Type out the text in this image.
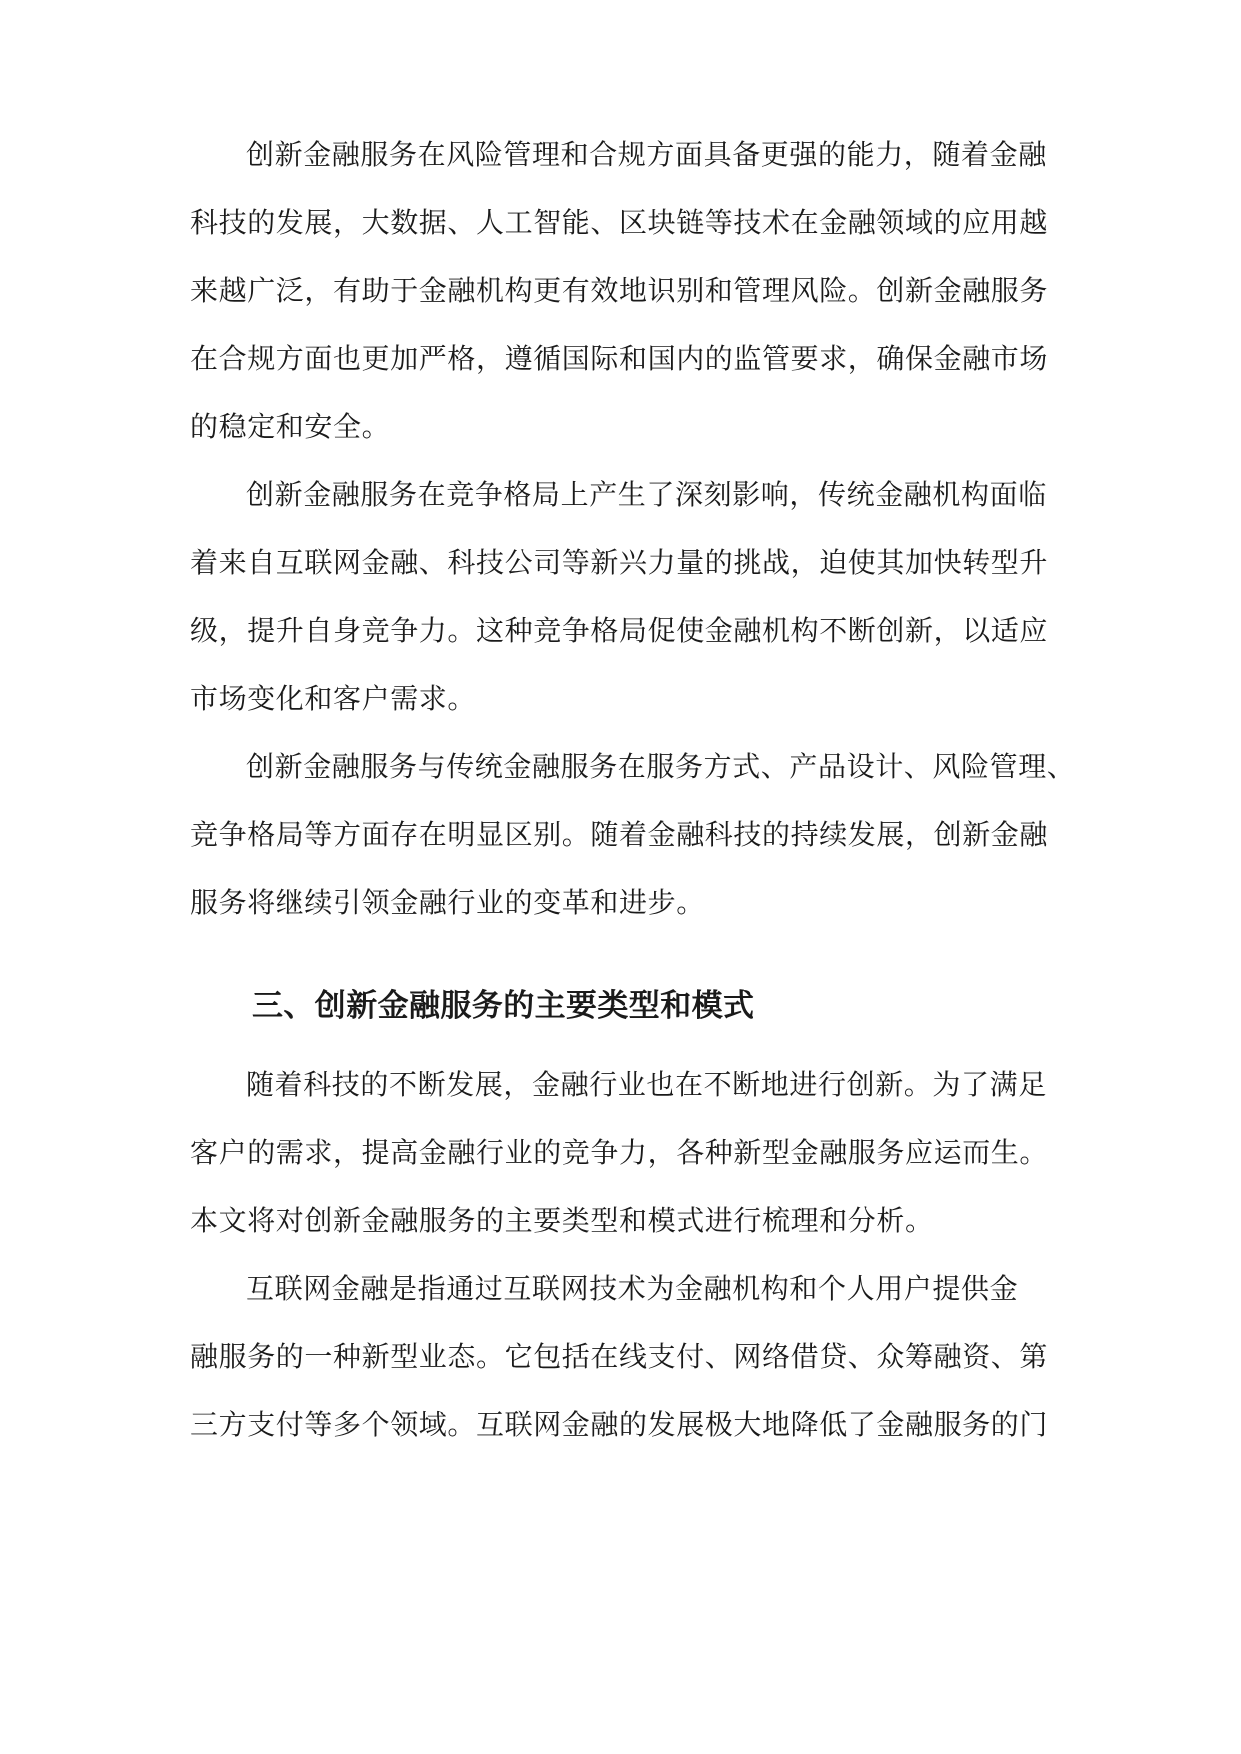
创新金融服务在风险管理和合规方面具备更强的能力，随着金融
科技的发展，大数据、人工智能、区块链等技术在金融领域的应用越
来越广泛，有助于金融机构更有效地识别和管理风险。创新金融服务
在合规方面也更加严格，遵循国际和国内的监管要求，确保金融市场
的稳定和安全。
创新金融服务在竞争格局上产生了深刻影响，传统金融机构面临
着来自互联网金融、科技公司等新兴力量的挑战，迫使其加快转型升
级，提升自身竞争力。这种竞争格局促使金融机构不断创新，以适应
市场变化和客户需求。
创新金融服务与传统金融服务在服务方式、产品设计、风险管理、
竞争格局等方面存在明显区别。随着金融科技的持续发展，创新金融
服务将继续引领金融行业的变革和进步。
三、创新金融服务的主要类型和模式
随着科技的不断发展，金融行业也在不断地进行创新。为了满足
客户的需求，提高金融行业的竞争力，各种新型金融服务应运而生。
本文将对创新金融服务的主要类型和模式进行梳理和分析。
互联网金融是指通过互联网技术为金融机构和个人用户提供金
融服务的一种新型业态。它包括在线支付、网络借贷、众筹融资、第
三方支付等多个领域。互联网金融的发展极大地降低了金融服务的门
